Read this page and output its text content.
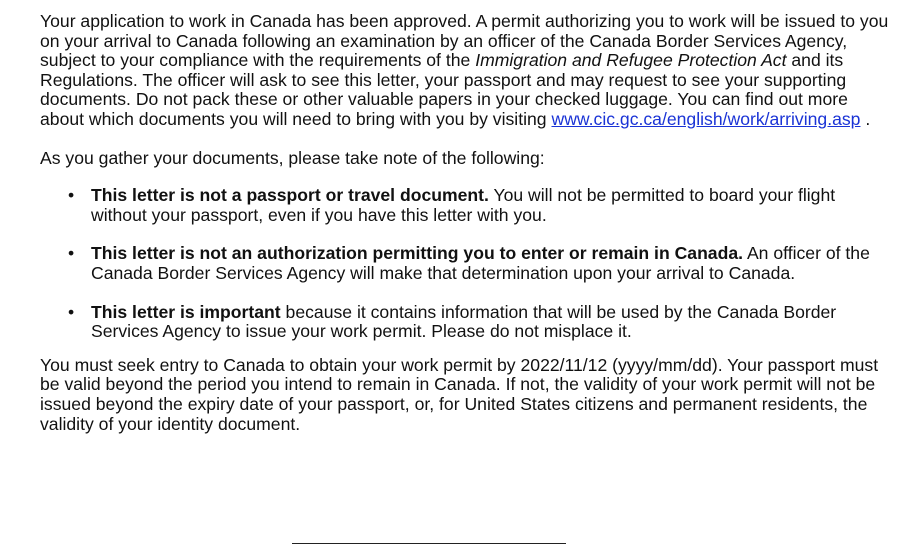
Your application to work in Canada has been approved. A permit authorizing you to work will be issued to you on your arrival to Canada following an examination by an officer of the Canada Border Services Agency, subject to your compliance with the requirements of the Immigration and Refugee Protection Act and its Regulations. The officer will ask to see this letter, your passport and may request to see your supporting documents. Do not pack these or other valuable papers in your checked luggage. You can find out more about which documents you will need to bring with you by visiting www.cic.gc.ca/english/work/arriving.asp .

As you gather your documents, please take note of the following:

• This letter is not a passport or travel document. You will not be permitted to board your flight without your passport, even if you have this letter with you.
• This letter is not an authorization permitting you to enter or remain in Canada. An officer of the Canada Border Services Agency will make that determination upon your arrival to Canada.
• This letter is important because it contains information that will be used by the Canada Border Services Agency to issue your work permit. Please do not misplace it.

You must seek entry to Canada to obtain your work permit by 2022/11/12 (yyyy/mm/dd). Your passport must be valid beyond the period you intend to remain in Canada. If not, the validity of your work permit will not be issued beyond the expiry date of your passport, or, for United States citizens and permanent residents, the validity of your identity document.
